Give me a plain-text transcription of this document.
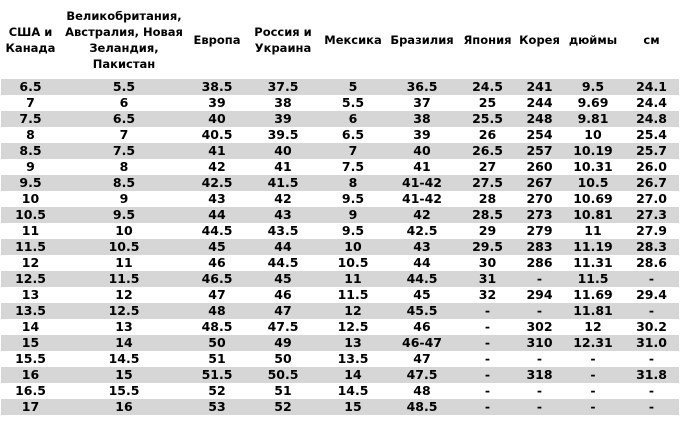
США и Канада	Великобритания, Австралия, Новая Зеландия, Пакистан	Европа	Россия и Украина	Мексика	Бразилия	Япония	Корея	дюймы	см
6.5	5.5	38.5	37.5	5	36.5	24.5	241	9.5	24.1
7	6	39	38	5.5	37	25	244	9.69	24.4
7.5	6.5	40	39	6	38	25.5	248	9.81	24.8
8	7	40.5	39.5	6.5	39	26	254	10	25.4
8.5	7.5	41	40	7	40	26.5	257	10.19	25.7
9	8	42	41	7.5	41	27	260	10.31	26.0
9.5	8.5	42.5	41.5	8	41-42	27.5	267	10.5	26.7
10	9	43	42	9.5	41-42	28	270	10.69	27.0
10.5	9.5	44	43	9	42	28.5	273	10.81	27.3
11	10	44.5	43.5	9.5	42.5	29	279	11	27.9
11.5	10.5	45	44	10	43	29.5	283	11.19	28.3
12	11	46	44.5	10.5	44	30	286	11.31	28.6
12.5	11.5	46.5	45	11	44.5	31	-	11.5	-
13	12	47	46	11.5	45	32	294	11.69	29.4
13.5	12.5	48	47	12	45.5	-	-	11.81	-
14	13	48.5	47.5	12.5	46	-	302	12	30.2
15	14	50	49	13	46-47	-	310	12.31	31.0
15.5	14.5	51	50	13.5	47	-	-	-	-
16	15	51.5	50.5	14	47.5	-	318	-	31.8
16.5	15.5	52	51	14.5	48	-	-	-	-
17	16	53	52	15	48.5	-	-	-	-
